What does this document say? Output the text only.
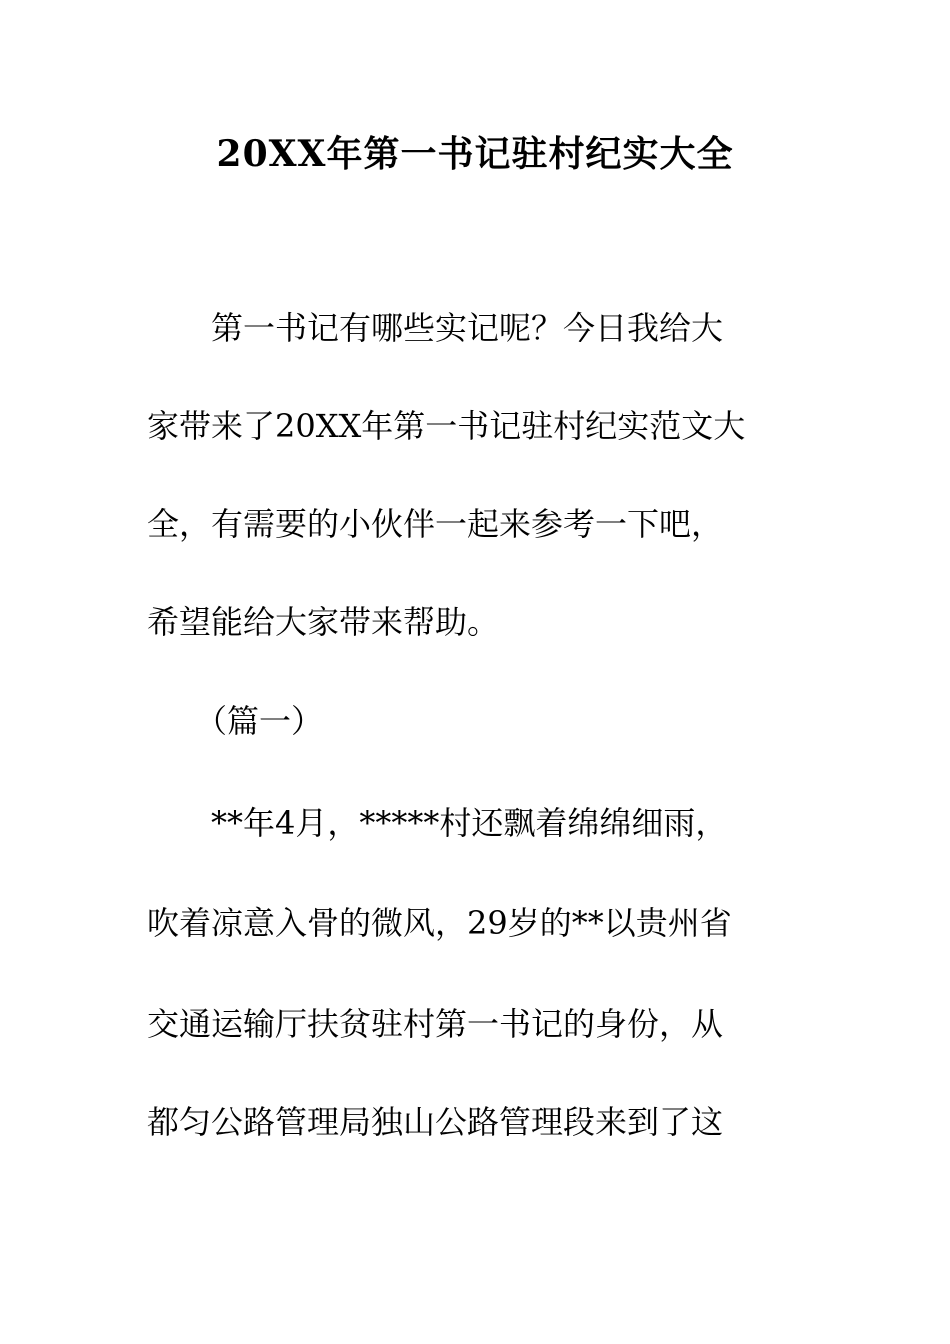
20XX年第一书记驻村纪实大全
　　第一书记有哪些实记呢？今日我给大
家带来了20XX年第一书记驻村纪实范文大
全，有需要的小伙伴一起来参考一下吧，
希望能给大家带来帮助。
　　（篇一）
　　**年4月，*****村还飘着绵绵细雨，
吹着凉意入骨的微风，29岁的**以贵州省
交通运输厅扶贫驻村第一书记的身份，从
都匀公路管理局独山公路管理段来到了这
